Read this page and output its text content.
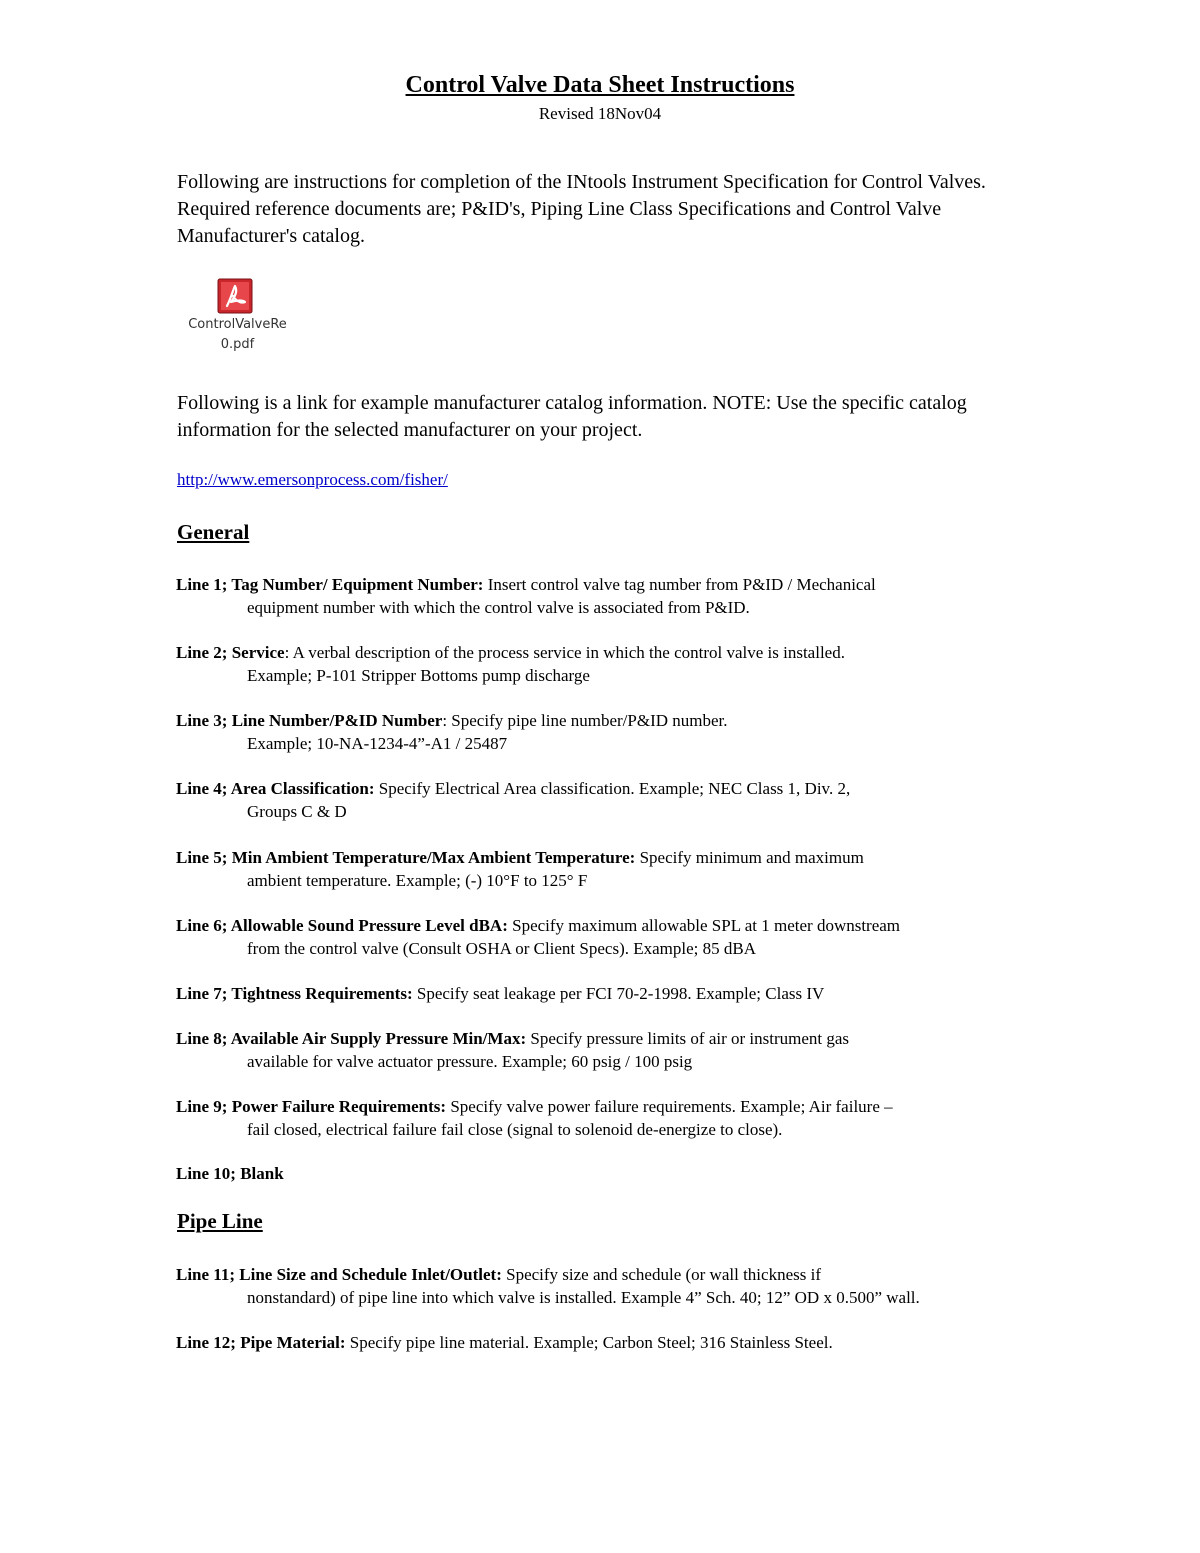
Control Valve Data Sheet Instructions
Revised 18Nov04
Following are instructions for completion of the INtools Instrument Specification for Control Valves. Required reference documents are; P&ID's, Piping Line Class Specifications and Control Valve Manufacturer's catalog.
ControlValveRe
0.pdf
Following is a link for example manufacturer catalog information. NOTE: Use the specific catalog information for the selected manufacturer on your project.
http://www.emersonprocess.com/fisher/
General
Line 1; Tag Number/ Equipment Number: Insert control valve tag number from P&ID / Mechanical
equipment number with which the control valve is associated from P&ID.
Line 2; Service: A verbal description of the process service in which the control valve is installed.
Example; P-101 Stripper Bottoms pump discharge
Line 3; Line Number/P&ID Number: Specify pipe line number/P&ID number.
Example; 10-NA-1234-4”-A1 / 25487
Line 4; Area Classification: Specify Electrical Area classification. Example; NEC Class 1, Div. 2,
Groups C & D
Line 5; Min Ambient Temperature/Max Ambient Temperature: Specify minimum and maximum
ambient temperature. Example; (-) 10°F to 125° F
Line 6; Allowable Sound Pressure Level dBA: Specify maximum allowable SPL at 1 meter downstream
from the control valve (Consult OSHA or Client Specs). Example; 85 dBA
Line 7; Tightness Requirements: Specify seat leakage per FCI 70-2-1998. Example; Class IV
Line 8; Available Air Supply Pressure Min/Max: Specify pressure limits of air or instrument gas
available for valve actuator pressure. Example; 60 psig / 100 psig
Line 9; Power Failure Requirements: Specify valve power failure requirements. Example; Air failure –
fail closed, electrical failure fail close (signal to solenoid de-energize to close).
Line 10; Blank
Pipe Line
Line 11; Line Size and Schedule Inlet/Outlet: Specify size and schedule (or wall thickness if
nonstandard) of pipe line into which valve is installed. Example 4” Sch. 40; 12” OD x 0.500” wall.
Line 12; Pipe Material: Specify pipe line material. Example; Carbon Steel; 316 Stainless Steel.
